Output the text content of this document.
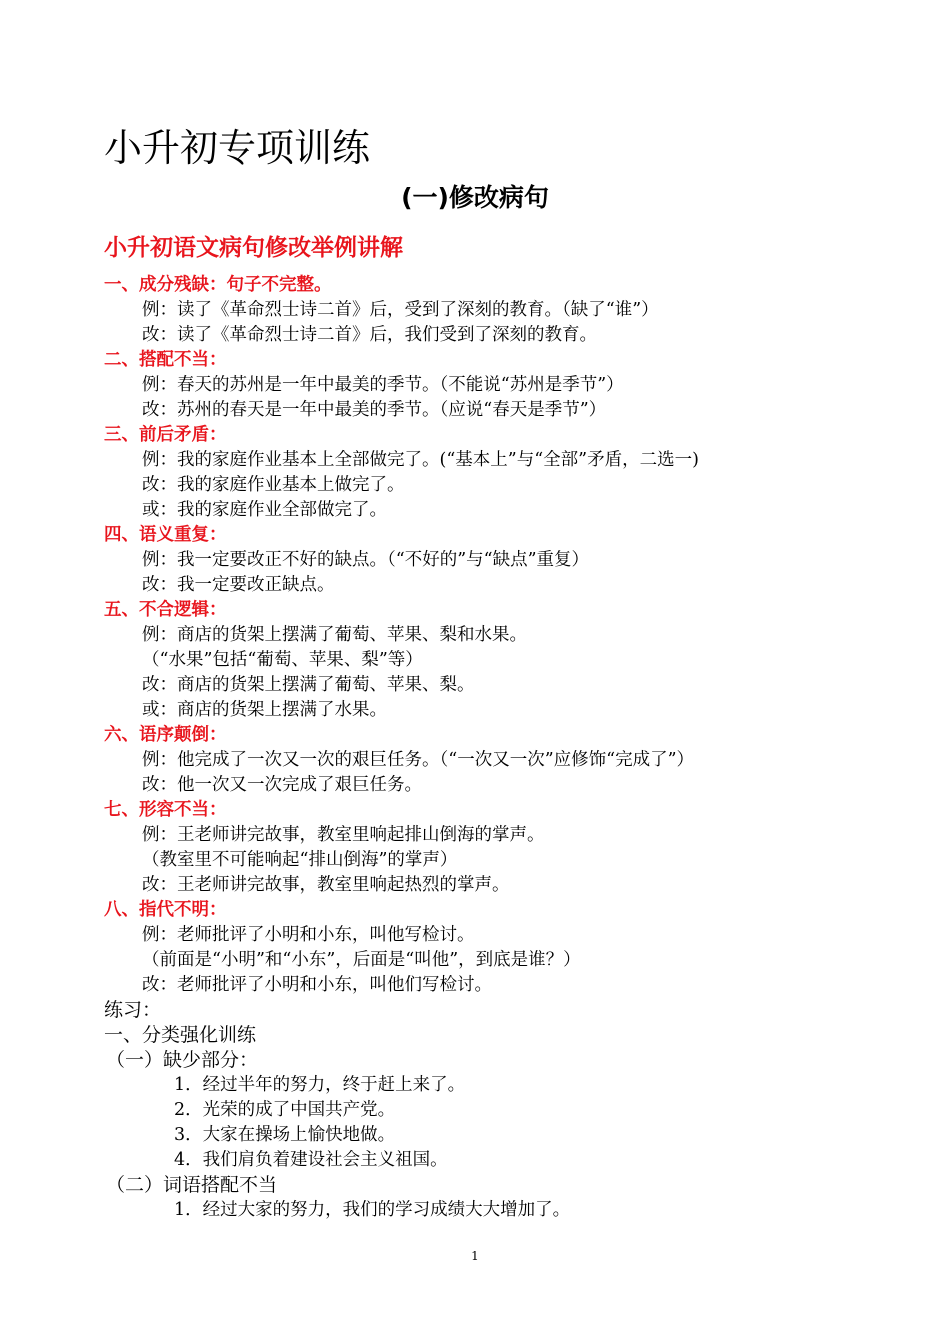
小升初专项训练
(一)修改病句
小升初语文病句修改举例讲解
一、成分残缺：句子不完整。
例：读了《革命烈士诗二首》后，受到了深刻的教育。（缺了“谁”）
改：读了《革命烈士诗二首》后，我们受到了深刻的教育。
二、搭配不当：
例：春天的苏州是一年中最美的季节。（不能说“苏州是季节”）
改：苏州的春天是一年中最美的季节。（应说“春天是季节”）
三、前后矛盾：
例：我的家庭作业基本上全部做完了。(“基本上”与“全部”矛盾，二选一)
改：我的家庭作业基本上做完了。
或：我的家庭作业全部做完了。
四、语义重复：
例：我一定要改正不好的缺点。（“不好的”与“缺点”重复）
改：我一定要改正缺点。
五、不合逻辑：
例：商店的货架上摆满了葡萄、苹果、梨和水果。
（“水果”包括“葡萄、苹果、梨”等）
改：商店的货架上摆满了葡萄、苹果、梨。
或：商店的货架上摆满了水果。
六、语序颠倒：
例：他完成了一次又一次的艰巨任务。（“一次又一次”应修饰“完成了”）
改：他一次又一次完成了艰巨任务。
七、形容不当：
例：王老师讲完故事，教室里响起排山倒海的掌声。
（教室里不可能响起“排山倒海”的掌声）
改：王老师讲完故事，教室里响起热烈的掌声。
八、指代不明：
例：老师批评了小明和小东，叫他写检讨。
（前面是“小明”和“小东”，后面是“叫他”，到底是谁？）
改：老师批评了小明和小东，叫他们写检讨。
练习：
一、分类强化训练
（一）缺少部分：
1．经过半年的努力，终于赶上来了。
2．光荣的成了中国共产党。
3．大家在操场上愉快地做。
4．我们肩负着建设社会主义祖国。
（二）词语搭配不当
1．经过大家的努力，我们的学习成绩大大增加了。
1
